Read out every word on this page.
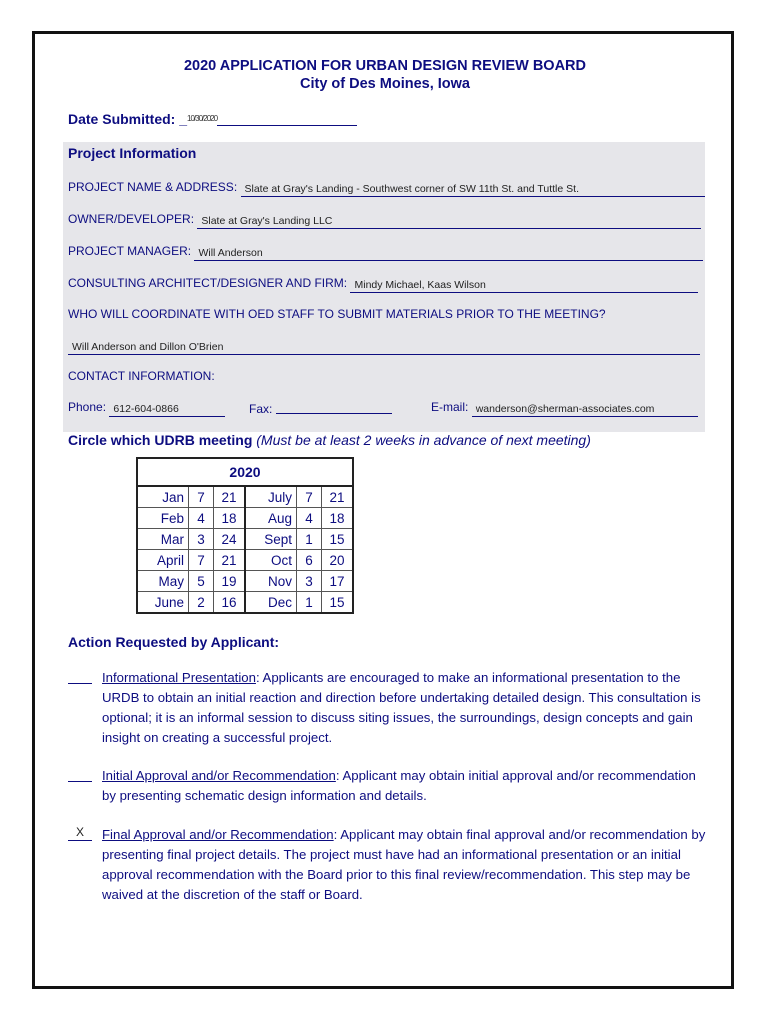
2020 APPLICATION FOR URBAN DESIGN REVIEW BOARD
City of Des Moines, Iowa
Date Submitted: _10/30/2020
Project Information
PROJECT NAME & ADDRESS: Slate at Gray's Landing - Southwest corner of SW 11th St. and Tuttle St.
OWNER/DEVELOPER: Slate at Gray's Landing LLC
PROJECT MANAGER: Will Anderson
CONSULTING ARCHITECT/DESIGNER AND FIRM: Mindy Michael, Kaas Wilson
WHO WILL COORDINATE WITH OED STAFF TO SUBMIT MATERIALS PRIOR TO THE MEETING?
Will Anderson and Dillon O'Brien
CONTACT INFORMATION:
Phone: 612-604-0866	Fax:	E-mail: wanderson@sherman-associates.com
Circle which UDRB meeting (Must be at least 2 weeks in advance of next meeting)
2020					
Jan	7	21	July	7	21
Feb	4	18	Aug	4	18
Mar	3	24	Sept	1	15
April	7	21	Oct	6	20
May	5	19	Nov	3	17
June	2	16	Dec	1	15
Action Requested by Applicant:
Informational Presentation: Applicants are encouraged to make an informational presentation to the URDB to obtain an initial reaction and direction before undertaking detailed design. This consultation is optional; it is an informal session to discuss siting issues, the surroundings, design concepts and gain insight on creating a successful project.
Initial Approval and/or Recommendation: Applicant may obtain initial approval and/or recommendation by presenting schematic design information and details.
X	Final Approval and/or Recommendation: Applicant may obtain final approval and/or recommendation by presenting final project details. The project must have had an informational presentation or an initial approval recommendation with the Board prior to this final review/recommendation. This step may be waived at the discretion of the staff or Board.
